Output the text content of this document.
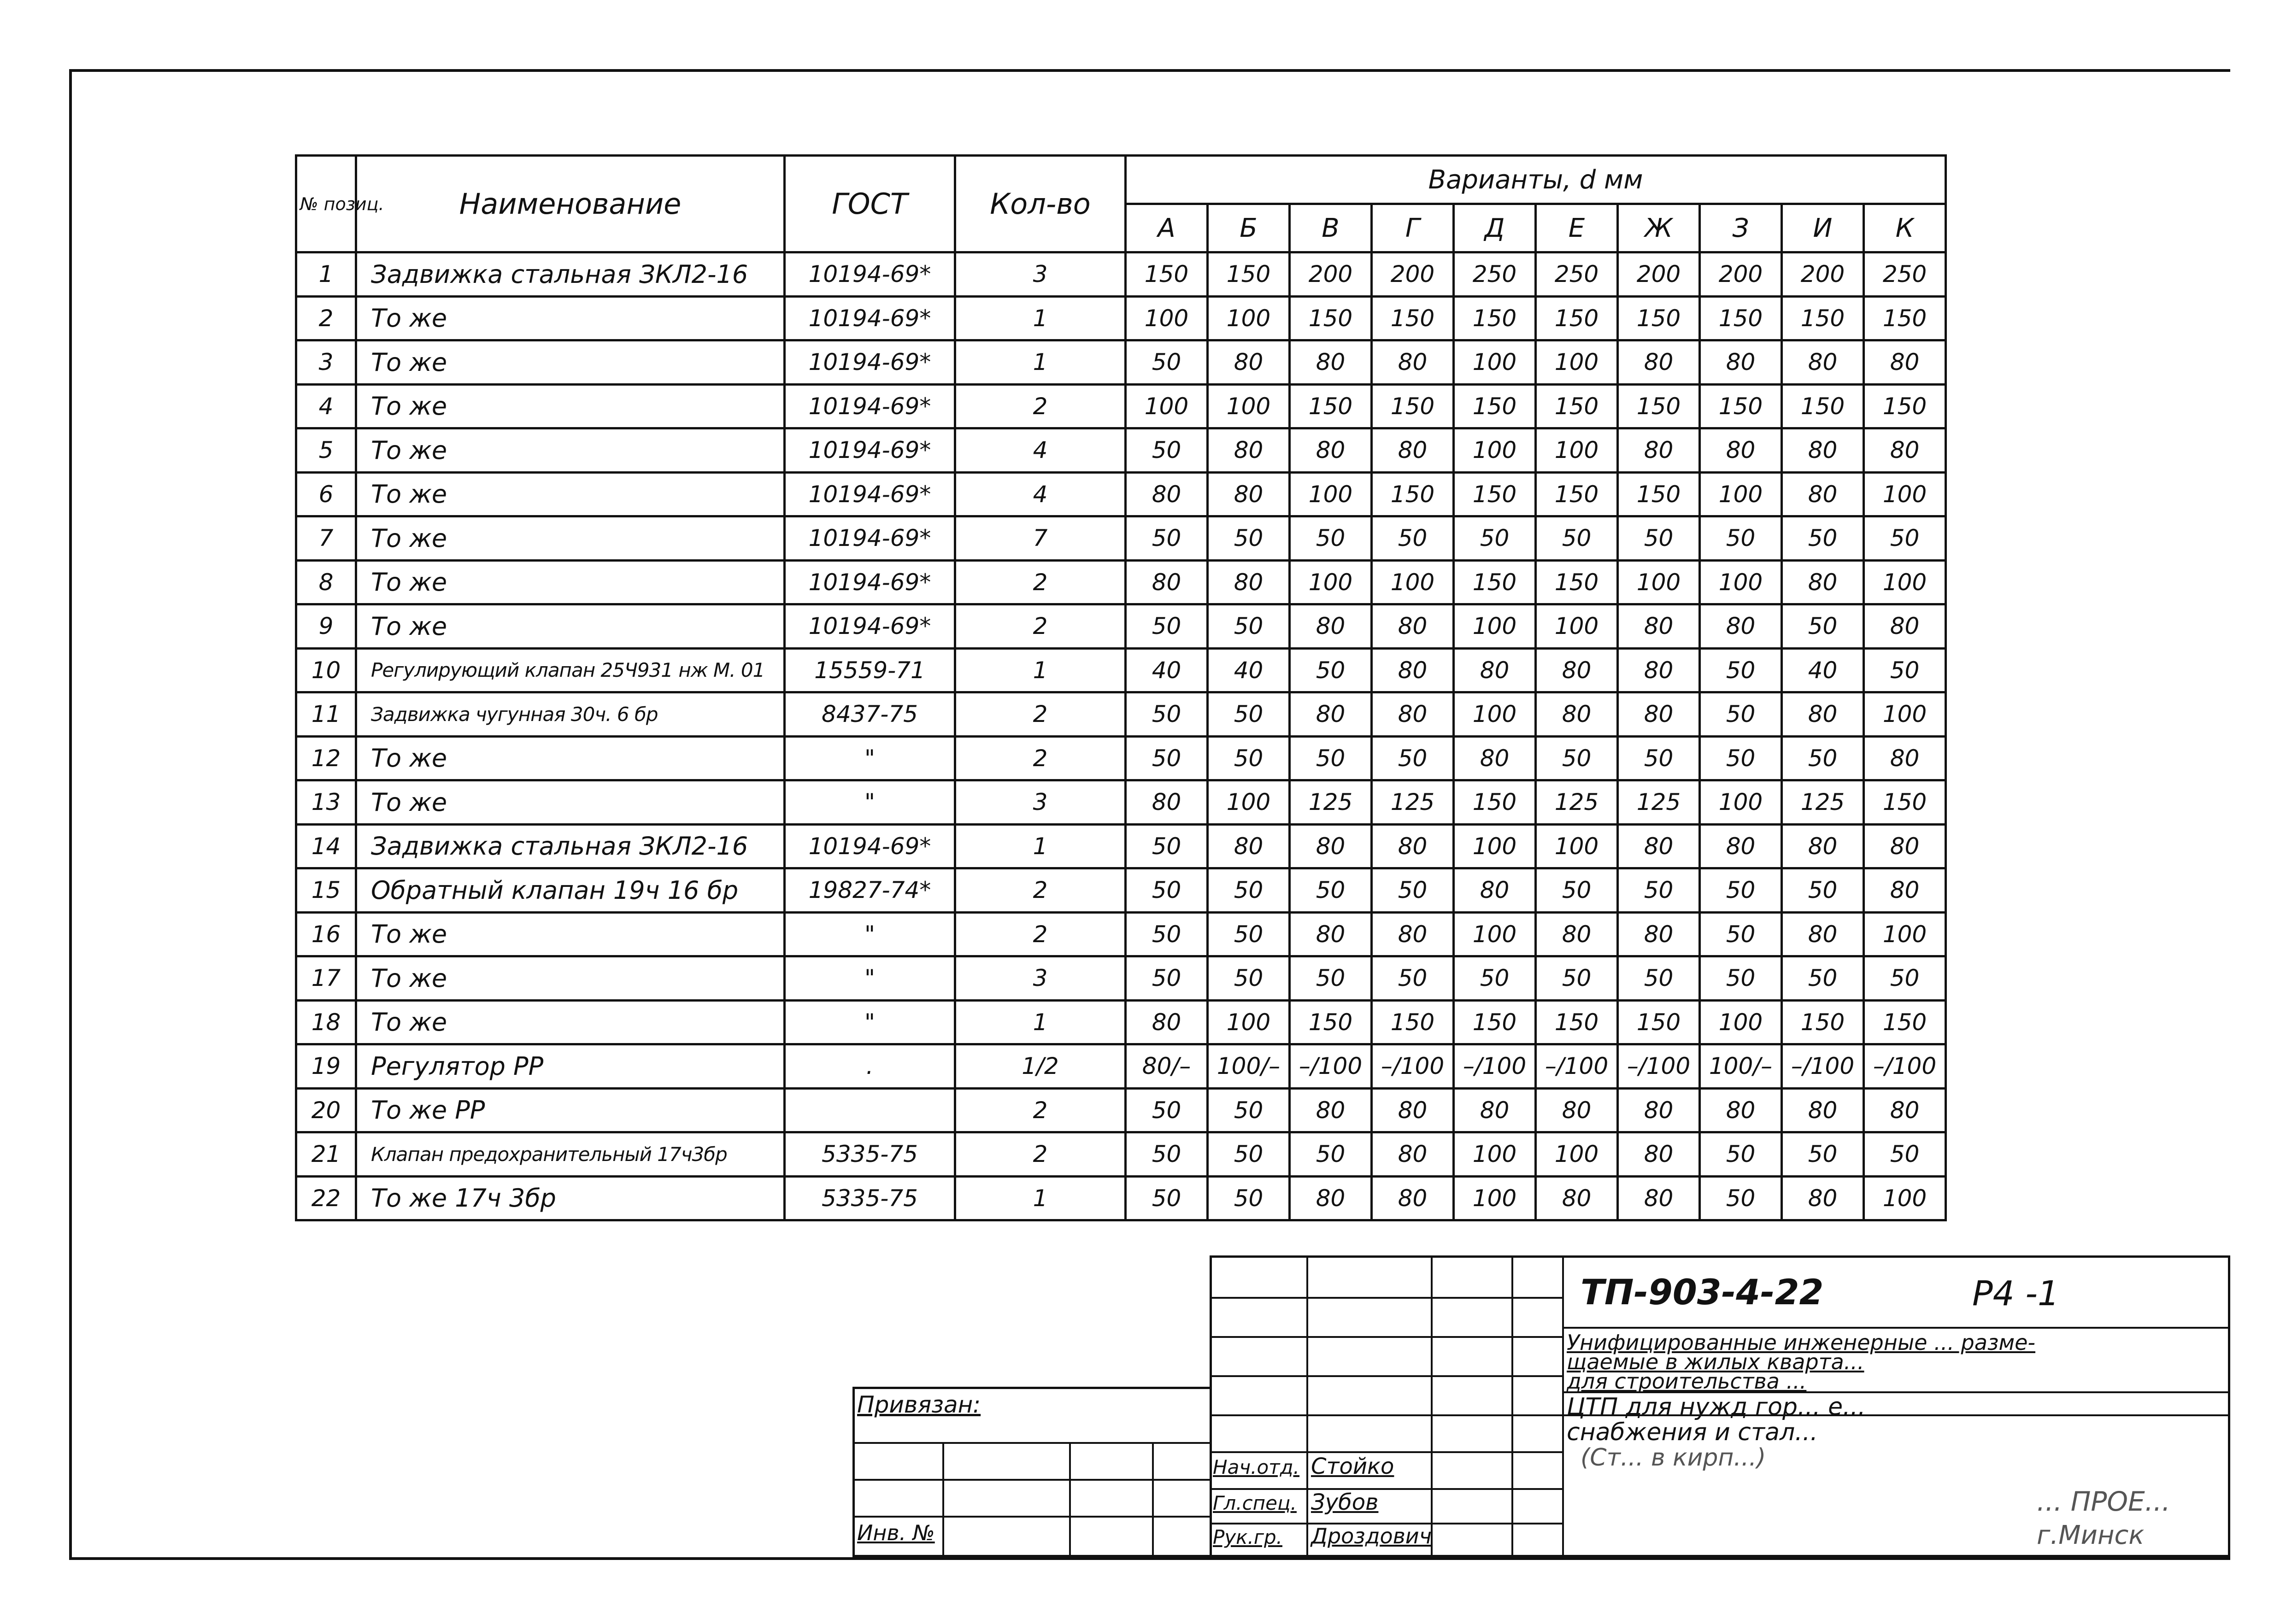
№ позиц.	Наименование	ГОСТ	Кол-во	Варианты, d мм									
				А	Б	В	Г	Д	Е	Ж	З	И	К
1	Задвижка стальная ЗКЛ2-16	10194-69*	3	150	150	200	200	250	250	200	200	200	250
2	То же	10194-69*	1	100	100	150	150	150	150	150	150	150	150
3	То же	10194-69*	1	50	80	80	80	100	100	80	80	80	80
4	То же	10194-69*	2	100	100	150	150	150	150	150	150	150	150
5	То же	10194-69*	4	50	80	80	80	100	100	80	80	80	80
6	То же	10194-69*	4	80	80	100	150	150	150	150	100	80	100
7	То же	10194-69*	7	50	50	50	50	50	50	50	50	50	50
8	То же	10194-69*	2	80	80	100	100	150	150	100	100	80	100
9	То же	10194-69*	2	50	50	80	80	100	100	80	80	50	80
10	Регулирующий клапан 25Ч931 нж М. 01	15559-71	1	40	40	50	80	80	80	80	50	40	50
11	Задвижка чугунная 30ч. 6 бр	8437-75	2	50	50	80	80	100	80	80	50	80	100
12	То же	"	2	50	50	50	50	80	50	50	50	50	80
13	То же	"	3	80	100	125	125	150	125	125	100	125	150
14	Задвижка стальная ЗКЛ2-16	10194-69*	1	50	80	80	80	100	100	80	80	80	80
15	Обратный клапан 19ч 16 бр	19827-74*	2	50	50	50	50	80	50	50	50	50	80
16	То же	"	2	50	50	80	80	100	80	80	50	80	100
17	То же	"	3	50	50	50	50	50	50	50	50	50	50
18	То же	"	1	80	100	150	150	150	150	150	100	150	150
19	Регулятор РР	.	1/2	80/–	100/–	–/100	–/100	–/100	–/100	–/100	100/–	–/100	–/100
20	То же РР		2	50	50	80	80	80	80	80	80	80	80
21	Клапан предохранительный 17ч3бр	5335-75	2	50	50	50	80	100	100	80	50	50	50
22	То же 17ч 3бр	5335-75	1	50	50	80	80	100	80	80	50	80	100
ТП-903-4-22	Р4 -1
Унифицированные инженерные ... разме-
щаемые в жилых кварта...
для строительства ...
ЦТП для нужд гор... е...
снабжения и стал...
(Ст... в кирп...)
Привязан:
Инв. №
Нач.отд. Стойко
Гл.спец. Зубов
Рук.гр. Дроздович
... ПРОЕ...
г.Минск
